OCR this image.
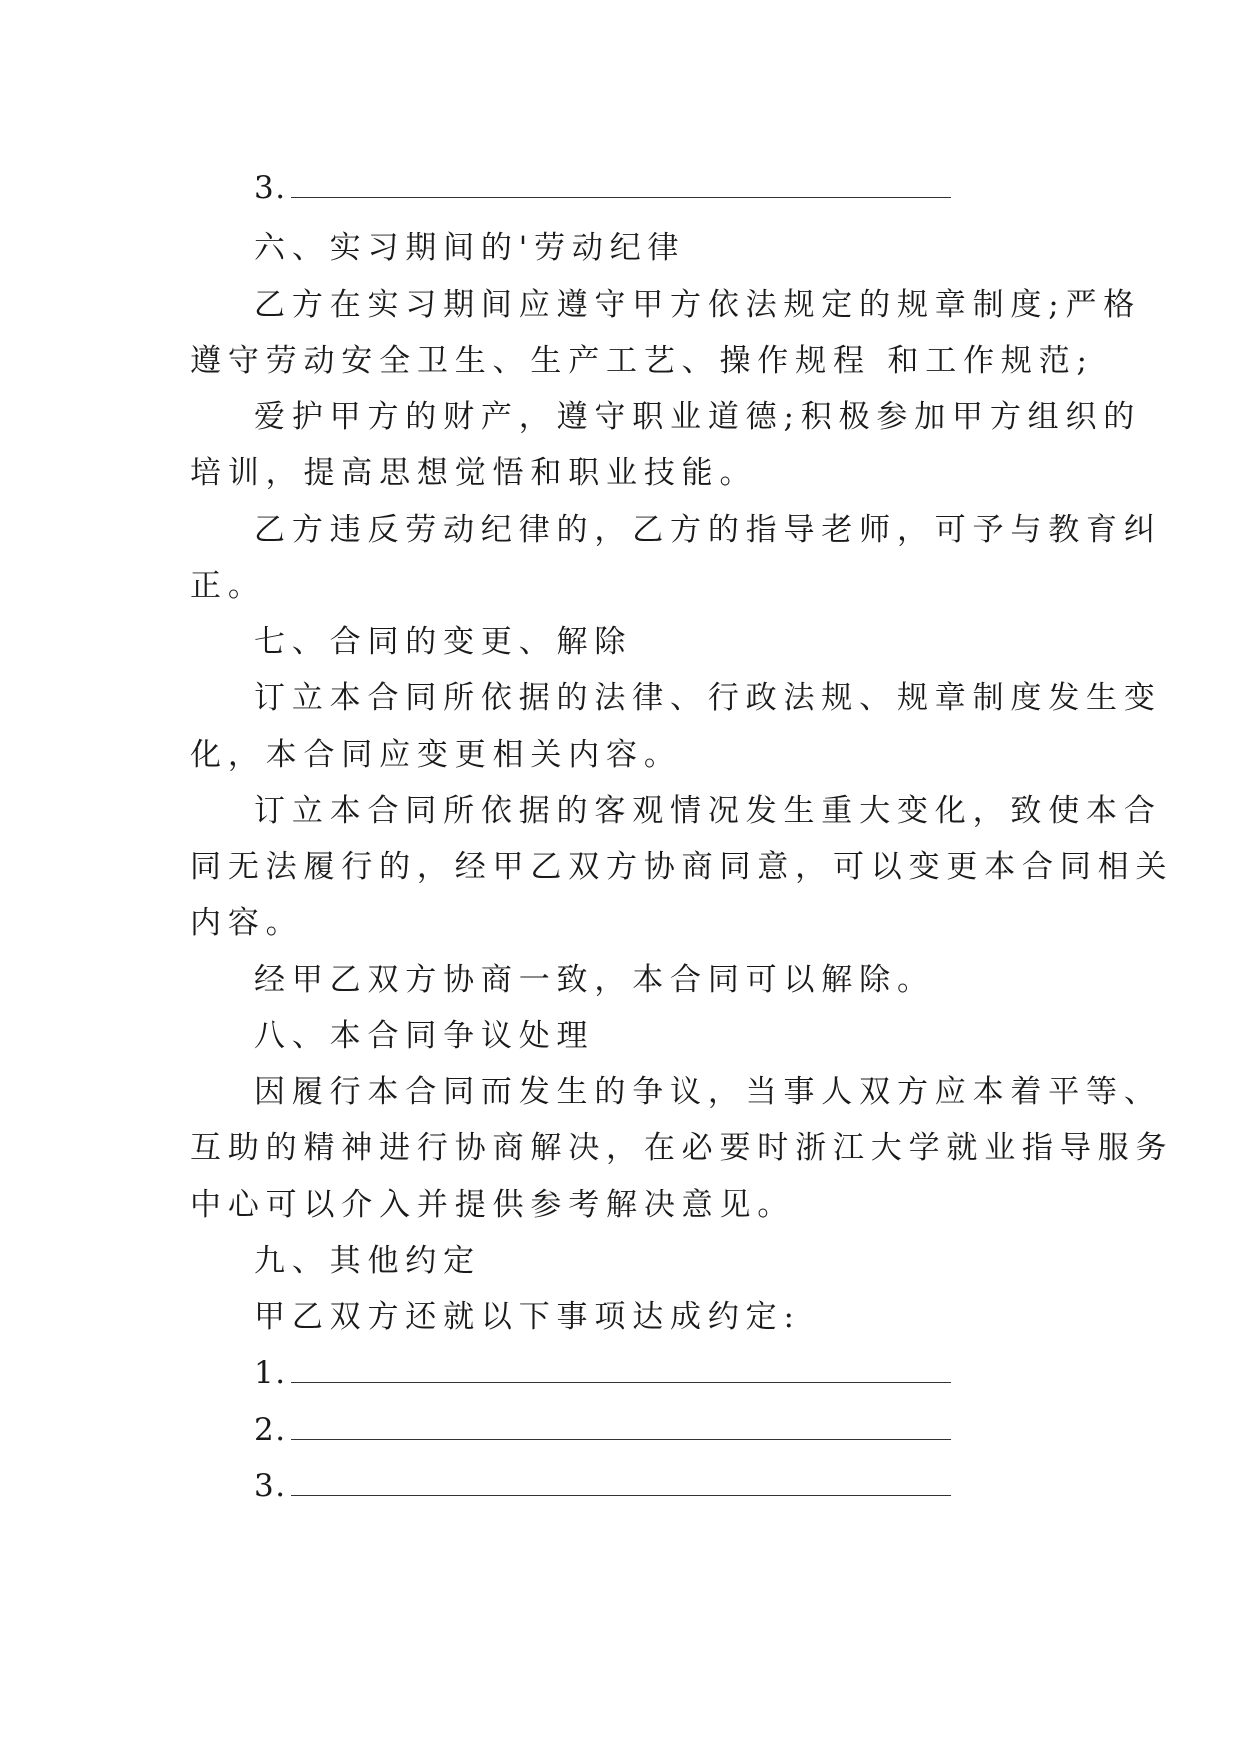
3.
六、实习期间的'劳动纪律
乙方在实习期间应遵守甲方依法规定的规章制度;严格
遵守劳动安全卫生、生产工艺、操作规程 和工作规范;
爱护甲方的财产，遵守职业道德;积极参加甲方组织的
培训，提高思想觉悟和职业技能。
乙方违反劳动纪律的，乙方的指导老师，可予与教育纠
正。
七、合同的变更、解除
订立本合同所依据的法律、行政法规、规章制度发生变
化，本合同应变更相关内容。
订立本合同所依据的客观情况发生重大变化，致使本合
同无法履行的，经甲乙双方协商同意，可以变更本合同相关
内容。
经甲乙双方协商一致，本合同可以解除。
八、本合同争议处理
因履行本合同而发生的争议，当事人双方应本着平等、
互助的精神进行协商解决，在必要时浙江大学就业指导服务
中心可以介入并提供参考解决意见。
九、其他约定
甲乙双方还就以下事项达成约定:
1.
2.
3.
